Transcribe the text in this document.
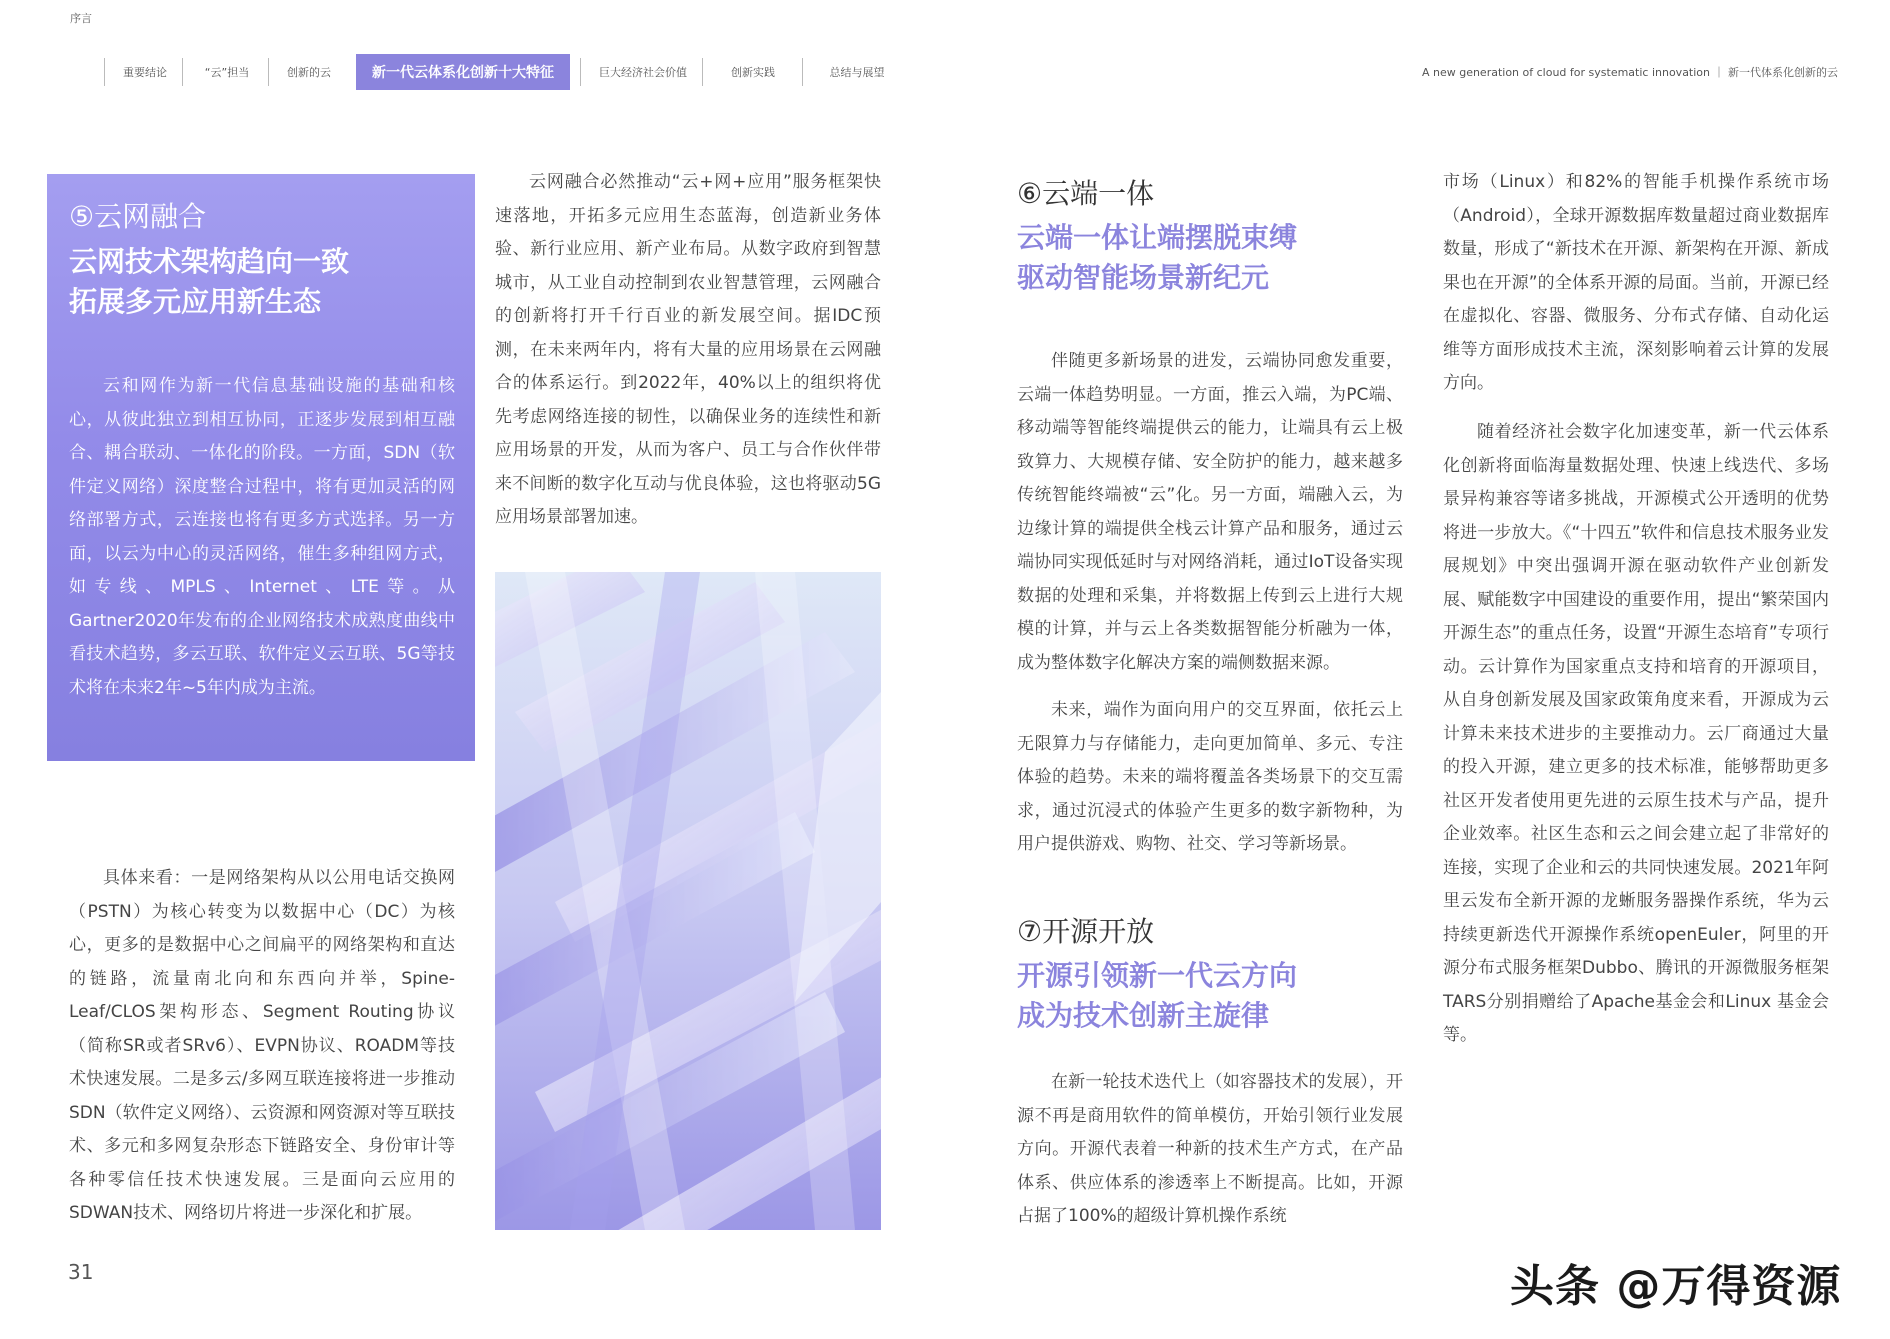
序言
重要结论	“云”担当	创新的云	新一代云体系化创新十大特征	巨大经济社会价值	创新实践	总结与展望	A new generation of cloud for systematic innovation ｜ 新一代体系化创新的云
⑤云网融合
云网技术架构趋向一致
拓展多元应用新生态
云和网作为新一代信息基础设施的基础和核心，从彼此独立到相互协同，正逐步发展到相互融合、耦合联动、一体化的阶段。一方面，SDN（软件定义网络）深度整合过程中，将有更加灵活的网络部署方式，云连接也将有更多方式选择。另一方面，以云为中心的灵活网络，催生多种组网方式，如专线、MPLS、Internet、LTE等。从Gartner2020年发布的企业网络技术成熟度曲线中看技术趋势，多云互联、软件定义云互联、5G等技术将在未来2年~5年内成为主流。
具体来看：一是网络架构从以公用电话交换网（PSTN）为核心转变为以数据中心（DC）为核心，更多的是数据中心之间扁平的网络架构和直达的链路，流量南北向和东西向并举，Spine-Leaf/CLOS架构形态、Segment Routing协议（简称SR或者SRv6）、EVPN协议、ROADM等技术快速发展。二是多云/多网互联连接将进一步推动SDN（软件定义网络）、云资源和网资源对等互联技术、多元和多网复杂形态下链路安全、身份审计等各种零信任技术快速发展。三是面向云应用的SDWAN技术、网络切片将进一步深化和扩展。
云网融合必然推动“云+网+应用”服务框架快速落地，开拓多元应用生态蓝海，创造新业务体验、新行业应用、新产业布局。从数字政府到智慧城市，从工业自动控制到农业智慧管理，云网融合的创新将打开千行百业的新发展空间。据IDC预测，在未来两年内，将有大量的应用场景在云网融合的体系运行。到2022年，40%以上的组织将优先考虑网络连接的韧性，以确保业务的连续性和新应用场景的开发，从而为客户、员工与合作伙伴带来不间断的数字化互动与优良体验，这也将驱动5G应用场景部署加速。
⑥云端一体
云端一体让端摆脱束缚
驱动智能场景新纪元
伴随更多新场景的进发，云端协同愈发重要，云端一体趋势明显。一方面，推云入端，为PC端、移动端等智能终端提供云的能力，让端具有云上极致算力、大规模存储、安全防护的能力，越来越多传统智能终端被“云”化。另一方面，端融入云，为边缘计算的端提供全栈云计算产品和服务，通过云端协同实现低延时与对网络消耗，通过IoT设备实现数据的处理和采集，并将数据上传到云上进行大规模的计算，并与云上各类数据智能分析融为一体，成为整体数字化解决方案的端侧数据来源。
未来，端作为面向用户的交互界面，依托云上无限算力与存储能力，走向更加简单、多元、专注体验的趋势。未来的端将覆盖各类场景下的交互需求，通过沉浸式的体验产生更多的数字新物种，为用户提供游戏、购物、社交、学习等新场景。
⑦开源开放
开源引领新一代云方向
成为技术创新主旋律
在新一轮技术迭代上（如容器技术的发展），开源不再是商用软件的简单模仿，开始引领行业发展方向。开源代表着一种新的技术生产方式，在产品体系、供应体系的渗透率上不断提高。比如，开源占据了100%的超级计算机操作系统
市场（Linux）和82%的智能手机操作系统市场（Android），全球开源数据库数量超过商业数据库数量，形成了“新技术在开源、新架构在开源、新成果也在开源”的全体系开源的局面。当前，开源已经在虚拟化、容器、微服务、分布式存储、自动化运维等方面形成技术主流，深刻影响着云计算的发展方向。
随着经济社会数字化加速变革，新一代云体系化创新将面临海量数据处理、快速上线迭代、多场景异构兼容等诸多挑战，开源模式公开透明的优势将进一步放大。《“十四五”软件和信息技术服务业发展规划》中突出强调开源在驱动软件产业创新发展、赋能数字中国建设的重要作用，提出“繁荣国内开源生态”的重点任务，设置“开源生态培育”专项行动。云计算作为国家重点支持和培育的开源项目，从自身创新发展及国家政策角度来看，开源成为云计算未来技术进步的主要推动力。云厂商通过大量的投入开源，建立更多的技术标准，能够帮助更多社区开发者使用更先进的云原生技术与产品，提升企业效率。社区生态和云之间会建立起了非常好的连接，实现了企业和云的共同快速发展。2021年阿里云发布全新开源的龙蜥服务器操作系统，华为云持续更新迭代开源操作系统openEuler，阿里的开源分布式服务框架Dubbo、腾讯的开源微服务框架TARS分别捐赠给了Apache基金会和Linux 基金会等。
31	头条 @万得资源
